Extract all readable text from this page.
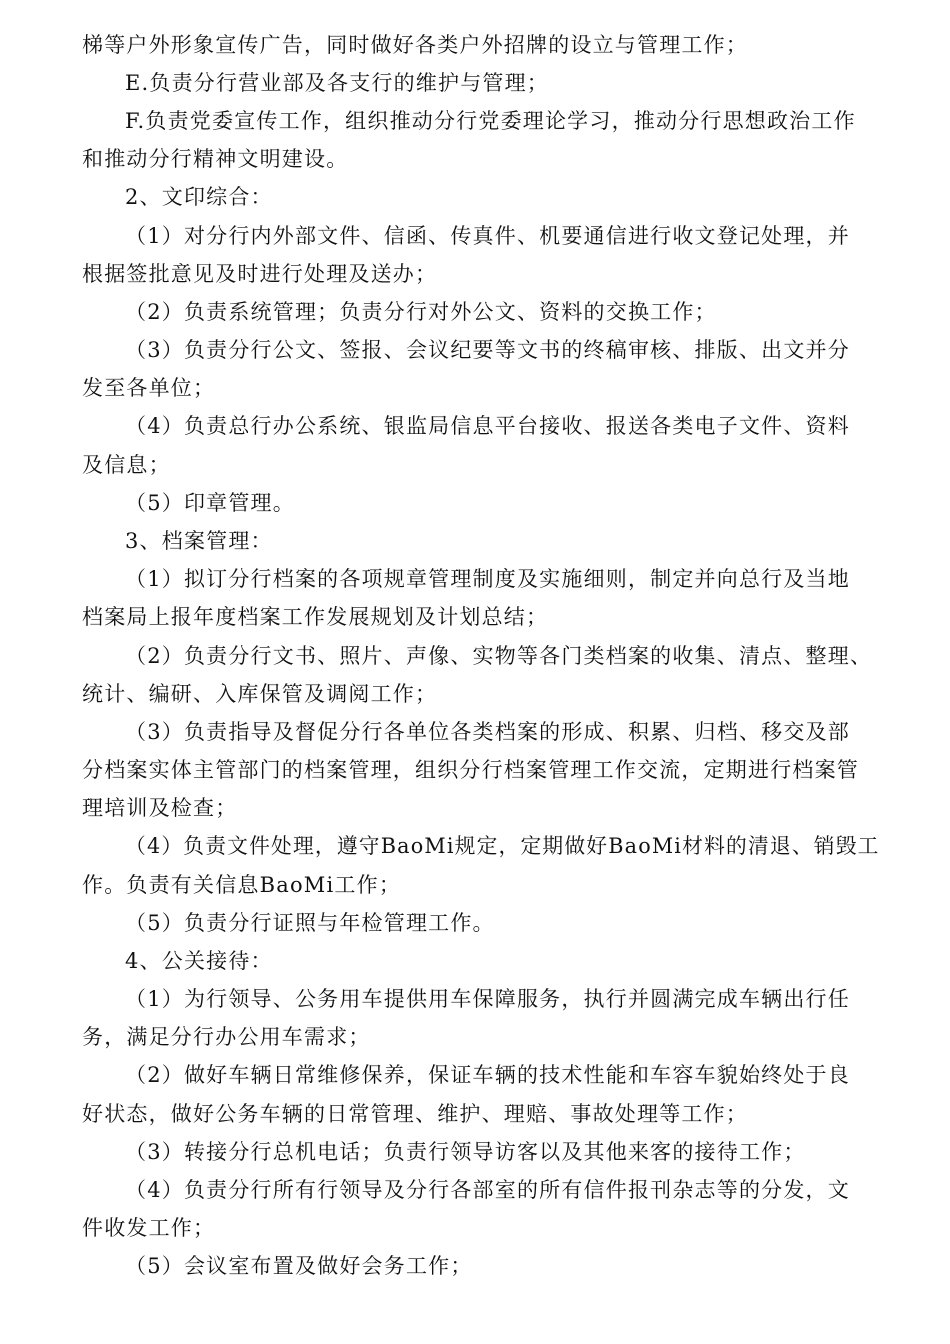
梯等户外形象宣传广告，同时做好各类户外招牌的设立与管理工作；
E.负责分行营业部及各支行的维护与管理；
F.负责党委宣传工作，组织推动分行党委理论学习，推动分行思想政治工作
和推动分行精神文明建设。
2、文印综合：
（1）对分行内外部文件、信函、传真件、机要通信进行收文登记处理，并
根据签批意见及时进行处理及送办；
（2）负责系统管理；负责分行对外公文、资料的交换工作；
（3）负责分行公文、签报、会议纪要等文书的终稿审核、排版、出文并分
发至各单位；
（4）负责总行办公系统、银监局信息平台接收、报送各类电子文件、资料
及信息；
（5）印章管理。
3、档案管理：
（1）拟订分行档案的各项规章管理制度及实施细则，制定并向总行及当地
档案局上报年度档案工作发展规划及计划总结；
（2）负责分行文书、照片、声像、实物等各门类档案的收集、清点、整理、
统计、编研、入库保管及调阅工作；
（3）负责指导及督促分行各单位各类档案的形成、积累、归档、移交及部
分档案实体主管部门的档案管理，组织分行档案管理工作交流，定期进行档案管
理培训及检查；
（4）负责文件处理，遵守BaoMi规定，定期做好BaoMi材料的清退、销毁工
作。负责有关信息BaoMi工作；
（5）负责分行证照与年检管理工作。
4、公关接待：
（1）为行领导、公务用车提供用车保障服务，执行并圆满完成车辆出行任
务，满足分行办公用车需求；
（2）做好车辆日常维修保养，保证车辆的技术性能和车容车貌始终处于良
好状态，做好公务车辆的日常管理、维护、理赔、事故处理等工作；
（3）转接分行总机电话；负责行领导访客以及其他来客的接待工作；
（4）负责分行所有行领导及分行各部室的所有信件报刊杂志等的分发，文
件收发工作；
（5）会议室布置及做好会务工作；
